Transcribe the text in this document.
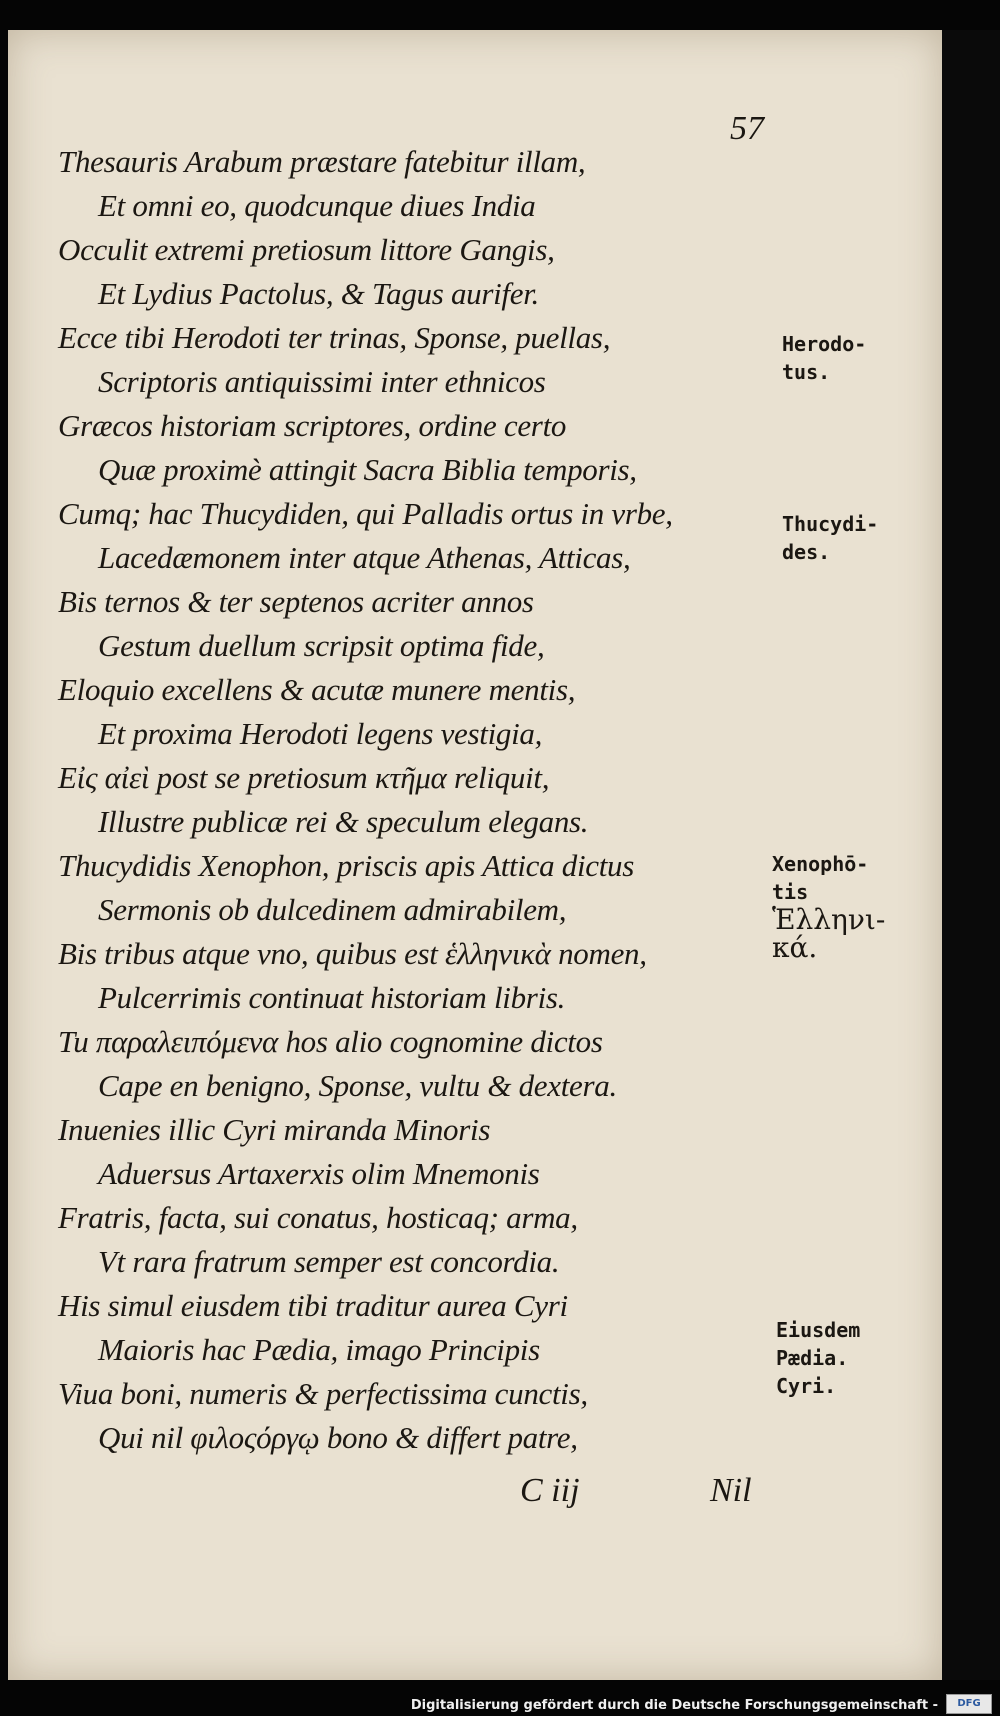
57
Thesauris Arabum præstare fatebitur illam,
Et omni eo, quodcunque diues India
Occulit extremi pretiosum littore Gangis,
Et Lydius Pactolus, & Tagus aurifer.
Ecce tibi Herodoti ter trinas, Sponse, puellas,
Scriptoris antiquissimi inter ethnicos
Græcos historiam scriptores, ordine certo
Quæ proximè attingit Sacra Biblia temporis,
Cumq; hac Thucydiden, qui Palladis ortus in vrbe,
Lacedæmonem inter atque Athenas, Atticas,
Bis ternos & ter septenos acriter annos
Gestum duellum scripsit optima fide,
Eloquio excellens & acutæ munere mentis,
Et proxima Herodoti legens vestigia,
Εἰς αἰεὶ post se pretiosum κτῆμα reliquit,
Illustre publicæ rei & speculum elegans.
Thucydidis Xenophon, priscis apis Attica dictus
Sermonis ob dulcedinem admirabilem,
Bis tribus atque vno, quibus est ἑλληνικὰ nomen,
Pulcerrimis continuat historiam libris.
Tu παραλειπόμενα hos alio cognomine dictos
Cape en benigno, Sponse, vultu & dextera.
Inuenies illic Cyri miranda Minoris
Aduersus Artaxerxis olim Mnemonis
Fratris, facta, sui conatus, hosticaq; arma,
Vt rara fratrum semper est concordia.
His simul eiusdem tibi traditur aurea Cyri
Maioris hac Pædia, imago Principis
Viua boni, numeris & perfectissima cunctis,
Qui nil φιλοςόργῳ bono & differt patre,
Herodo-
tus.
Thucydi-
des.
Xenophō-
tis
Ἑλληνι-
κά.
Eiusdem
Pædia.
Cyri.
C iij	Nil
Digitalisierung gefördert durch die Deutsche Forschungsgemeinschaft -	DFG
